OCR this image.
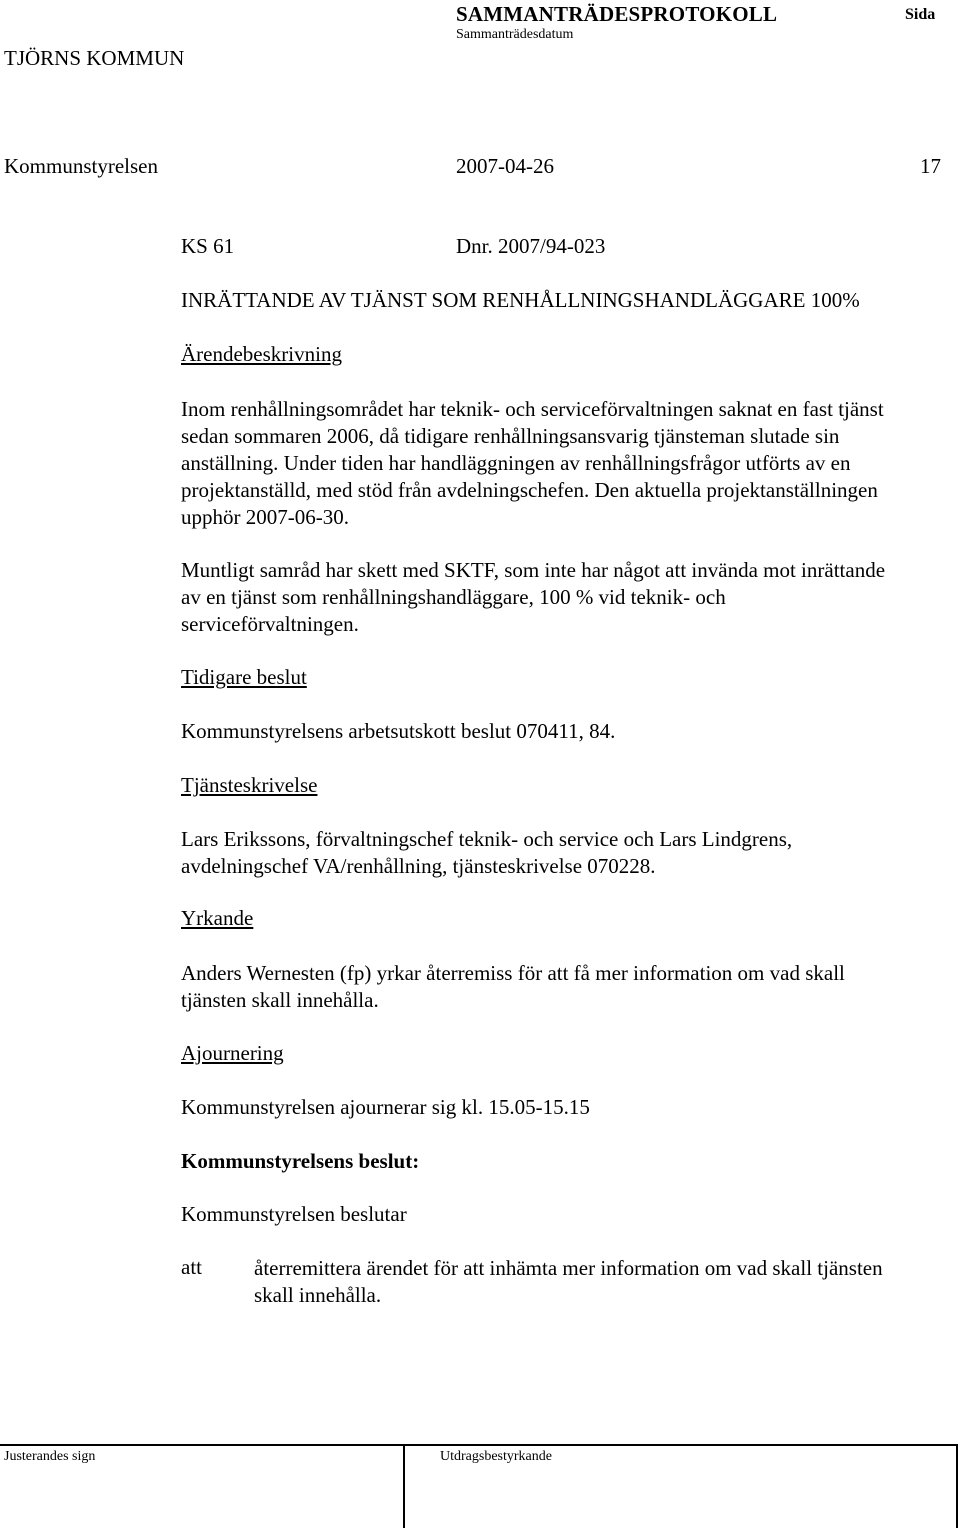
SAMMANTRÄDESPROTOKOLL	Sida
Sammanträdesdatum
TJÖRNS KOMMUN
Kommunstyrelsen	2007-04-26	17
KS 61	Dnr. 2007/94-023
INRÄTTANDE AV TJÄNST SOM RENHÅLLNINGSHANDLÄGGARE 100%
Ärendebeskrivning
Inom renhållningsområdet har teknik- och serviceförvaltningen saknat en fast tjänst
sedan sommaren 2006, då tidigare renhållningsansvarig tjänsteman slutade sin
anställning. Under tiden har handläggningen av renhållningsfrågor utförts av en
projektanställd, med stöd från avdelningschefen. Den aktuella projektanställningen
upphör 2007-06-30.
Muntligt samråd har skett med SKTF, som inte har något att invända mot inrättande
av en tjänst som renhållningshandläggare, 100 % vid teknik- och
serviceförvaltningen.
Tidigare beslut
Kommunstyrelsens arbetsutskott beslut 070411, 84.
Tjänsteskrivelse
Lars Erikssons, förvaltningschef teknik- och service och Lars Lindgrens,
avdelningschef VA/renhållning, tjänsteskrivelse 070228.
Yrkande
Anders Wernesten (fp) yrkar återremiss för att få mer information om vad skall
tjänsten skall innehålla.
Ajournering
Kommunstyrelsen ajournerar sig kl. 15.05-15.15
Kommunstyrelsens beslut:
Kommunstyrelsen beslutar
att återremittera ärendet för att inhämta mer information om vad skall tjänsten
skall innehålla.
Justerandes sign	Utdragsbestyrkande
